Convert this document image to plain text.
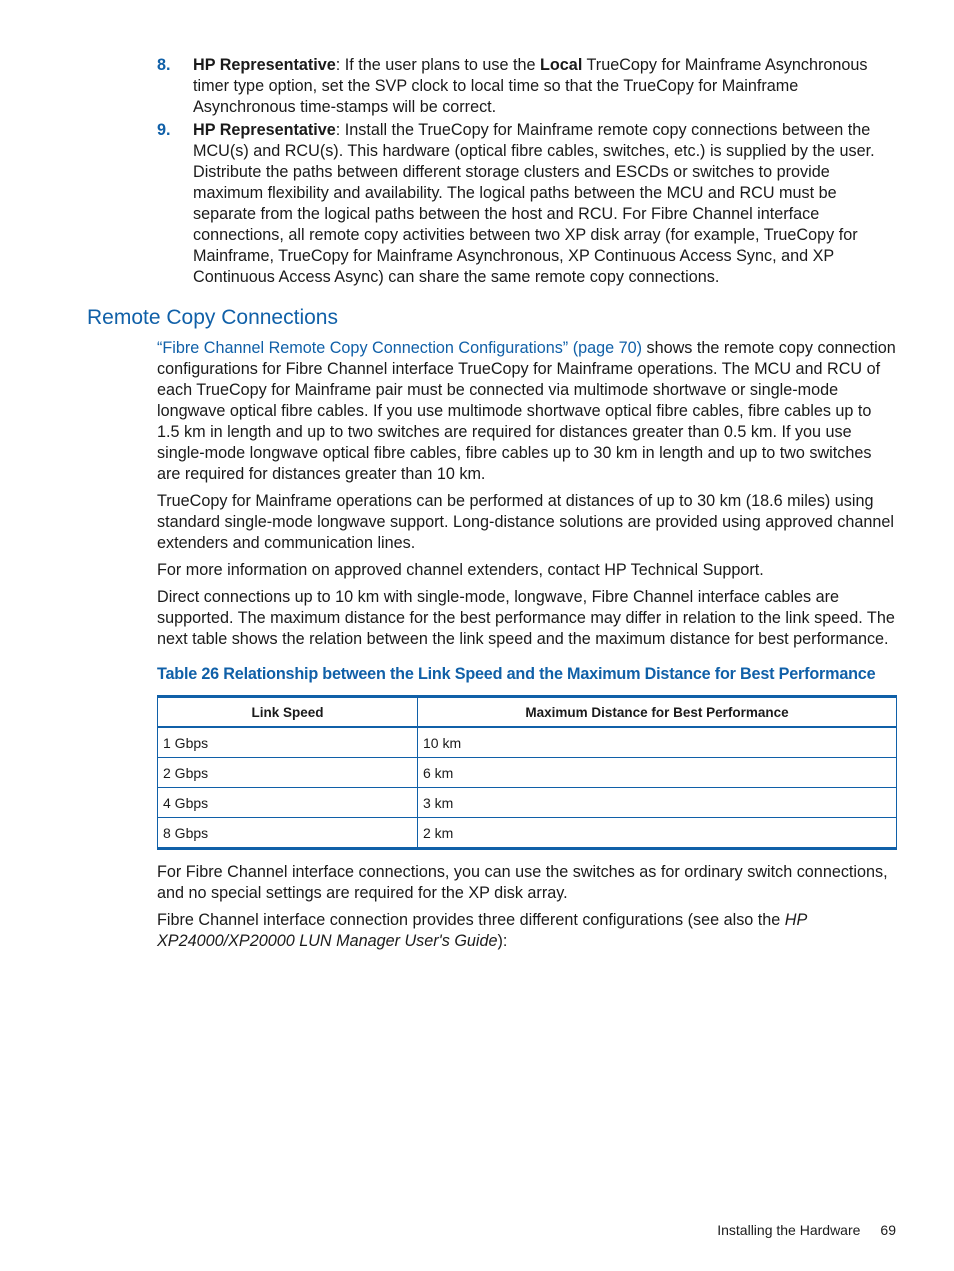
8. HP Representative: If the user plans to use the Local TrueCopy for Mainframe Asynchronous timer type option, set the SVP clock to local time so that the TrueCopy for Mainframe Asynchronous time-stamps will be correct.
9. HP Representative: Install the TrueCopy for Mainframe remote copy connections between the MCU(s) and RCU(s). This hardware (optical fibre cables, switches, etc.) is supplied by the user. Distribute the paths between different storage clusters and ESCDs or switches to provide maximum flexibility and availability. The logical paths between the MCU and RCU must be separate from the logical paths between the host and RCU. For Fibre Channel interface connections, all remote copy activities between two XP disk array (for example, TrueCopy for Mainframe, TrueCopy for Mainframe Asynchronous, XP Continuous Access Sync, and XP Continuous Access Async) can share the same remote copy connections.
Remote Copy Connections

“Fibre Channel Remote Copy Connection Configurations” (page 70) shows the remote copy connection configurations for Fibre Channel interface TrueCopy for Mainframe operations. The MCU and RCU of each TrueCopy for Mainframe pair must be connected via multimode shortwave or single-mode longwave optical fibre cables. If you use multimode shortwave optical fibre cables, fibre cables up to 1.5 km in length and up to two switches are required for distances greater than 0.5 km. If you use single-mode longwave optical fibre cables, fibre cables up to 30 km in length and up to two switches are required for distances greater than 10 km.

TrueCopy for Mainframe operations can be performed at distances of up to 30 km (18.6 miles) using standard single-mode longwave support. Long-distance solutions are provided using approved channel extenders and communication lines.

For more information on approved channel extenders, contact HP Technical Support.

Direct connections up to 10 km with single-mode, longwave, Fibre Channel interface cables are supported. The maximum distance for the best performance may differ in relation to the link speed. The next table shows the relation between the link speed and the maximum distance for best performance.

Table 26 Relationship between the Link Speed and the Maximum Distance for Best Performance

Link Speed	Maximum Distance for Best Performance
1 Gbps	10 km
2 Gbps	6 km
4 Gbps	3 km
8 Gbps	2 km

For Fibre Channel interface connections, you can use the switches as for ordinary switch connections, and no special settings are required for the XP disk array.

Fibre Channel interface connection provides three different configurations (see also the HP XP24000/XP20000 LUN Manager User's Guide):

Installing the Hardware 69
